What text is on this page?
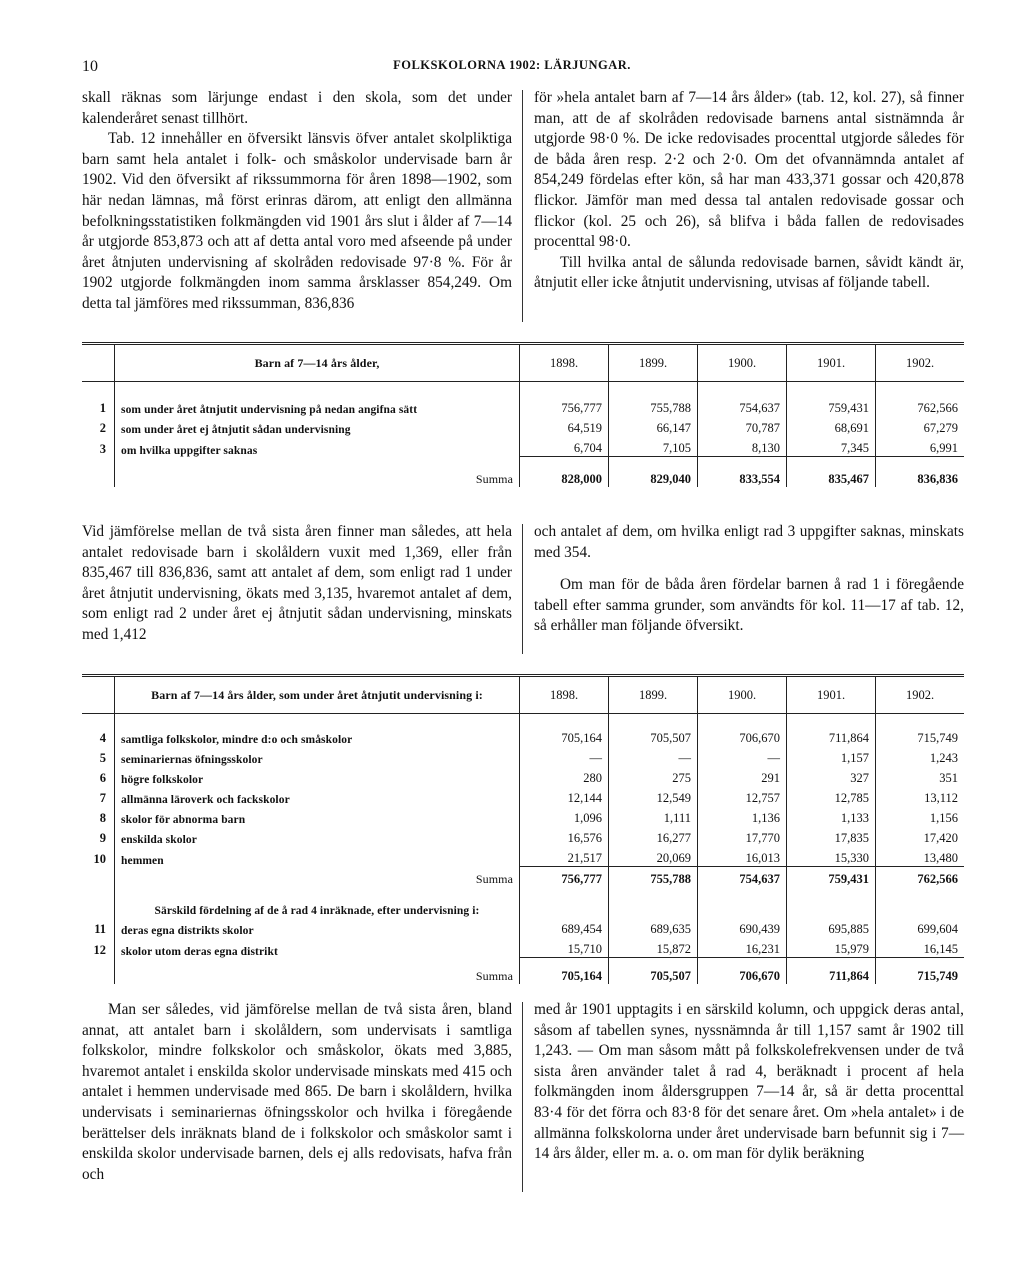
10	FOLKSKOLORNA 1902: LÄRJUNGAR.

skall räknas som lärjunge endast i den skola, som det under kalenderåret senast tillhört.

Tab. 12 innehåller en öfversikt länsvis öfver antalet skolpliktiga barn samt hela antalet i folk- och småskolor undervisade barn år 1902. Vid den öfversikt af rikssummorna för åren 1898—1902, som här nedan lämnas, må först erinras därom, att enligt den allmänna befolkningsstatistiken folkmängden vid 1901 års slut i ålder af 7—14 år utgjorde 853,873 och att af detta antal voro med afseende på under året åtnjuten undervisning af skolråden redovisade 97·8 %. För år 1902 utgjorde folkmängden inom samma årsklasser 854,249. Om detta tal jämföres med rikssumman, 836,836

för »hela antalet barn af 7—14 års ålder» (tab. 12, kol. 27), så finner man, att de af skolråden redovisade barnens antal sistnämnda år utgjorde 98·0 %. De icke redovisades procenttal utgjorde således för de båda åren resp. 2·2 och 2·0. Om det ofvannämnda antalet af 854,249 fördelas efter kön, så har man 433,371 gossar och 420,878 flickor. Jämför man med dessa tal antalen redovisade gossar och flickor (kol. 25 och 26), så blifva i båda fallen de redovisades procenttal 98·0.

Till hvilka antal de sålunda redovisade barnen, såvidt kändt är, åtnjutit eller icke åtnjutit undervisning, utvisas af följande tabell.

	Barn af 7—14 års ålder,	1898.	1899.	1900.	1901.	1902.

1	som under året åtnjutit undervisning på nedan angifna sätt	756,777	755,788	754,637	759,431	762,566
2	som under året ej åtnjutit sådan undervisning	64,519	66,147	70,787	68,691	67,279
3	om hvilka uppgifter saknas	6,704	7,105	8,130	7,345	6,991
	Summa	828,000	829,040	833,554	835,467	836,836

Vid jämförelse mellan de två sista åren finner man således, att hela antalet redovisade barn i skolåldern vuxit med 1,369, eller från 835,467 till 836,836, samt att antalet af dem, som enligt rad 1 under året åtnjutit undervisning, ökats med 3,135, hvaremot antalet af dem, som enligt rad 2 under året ej åtnjutit sådan undervisning, minskats med 1,412

och antalet af dem, om hvilka enligt rad 3 uppgifter saknas, minskats med 354.

Om man för de båda åren fördelar barnen å rad 1 i föregående tabell efter samma grunder, som användts för kol. 11—17 af tab. 12, så erhåller man följande öfversikt.

	Barn af 7—14 års ålder, som under året åtnjutit undervisning i:	1898.	1899.	1900.	1901.	1902.

4	samtliga folkskolor, mindre d:o och småskolor	705,164	705,507	706,670	711,864	715,749
5	seminariernas öfningsskolor	—	—	—	1,157	1,243
6	högre folkskolor	280	275	291	327	351
7	allmänna läroverk och fackskolor	12,144	12,549	12,757	12,785	13,112
8	skolor för abnorma barn	1,096	1,111	1,136	1,133	1,156
9	enskilda skolor	16,576	16,277	17,770	17,835	17,420
10	hemmen	21,517	20,069	16,013	15,330	13,480
	Summa	756,777	755,788	754,637	759,431	762,566
	Särskild fördelning af de å rad 4 inräknade, efter undervisning i:					
11	deras egna distrikts skolor	689,454	689,635	690,439	695,885	699,604
12	skolor utom deras egna distrikt	15,710	15,872	16,231	15,979	16,145
	Summa	705,164	705,507	706,670	711,864	715,749

Man ser således, vid jämförelse mellan de två sista åren, bland annat, att antalet barn i skolåldern, som undervisats i samtliga folkskolor, mindre folkskolor och småskolor, ökats med 3,885, hvaremot antalet i enskilda skolor undervisade minskats med 415 och antalet i hemmen undervisade med 865. De barn i skolåldern, hvilka undervisats i seminariernas öfningsskolor och hvilka i föregående berättelser dels inräknats bland de i folkskolor och småskolor samt i enskilda skolor undervisade barnen, dels ej alls redovisats, hafva från och

med år 1901 upptagits i en särskild kolumn, och uppgick deras antal, såsom af tabellen synes, nyssnämnda år till 1,157 samt år 1902 till 1,243. — Om man såsom mått på folkskolefrekvensen under de två sista åren använder talet å rad 4, beräknadt i procent af hela folkmängden inom åldersgruppen 7—14 år, så är detta procenttal 83·4 för det förra och 83·8 för det senare året. Om »hela antalet» i de allmänna folkskolorna under året undervisade barn befunnit sig i 7—14 års ålder, eller m. a. o. om man för dylik beräkning
